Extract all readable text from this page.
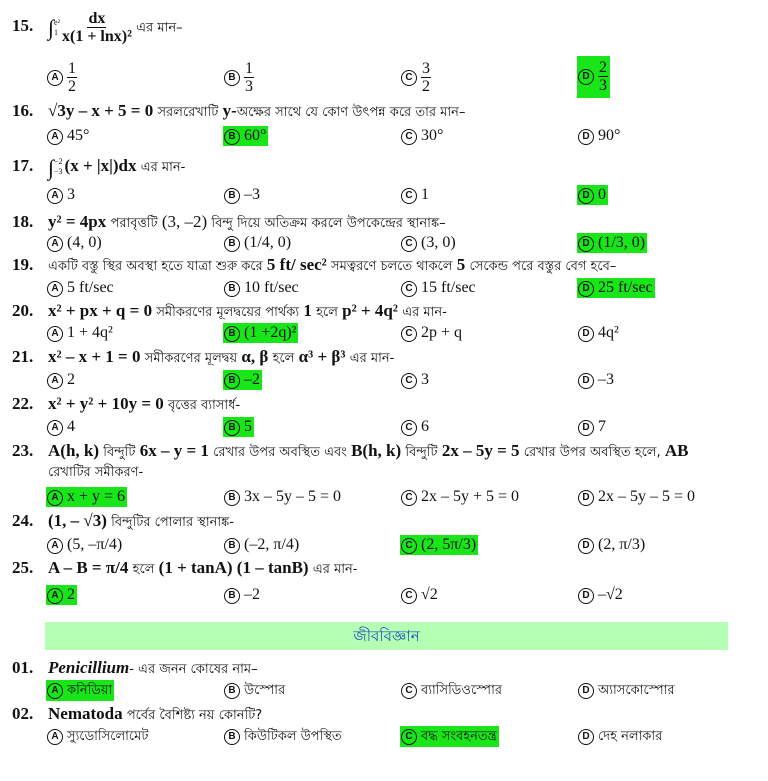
15. ∫ e²
$1 \frac{dx}{\text{x(1 + lnx)²}}$ এর মান–
A $\frac{1}{2}$	B $\frac{1}{3}$	C $\frac{3}{2}$	D $\frac{2}{3}$
16. √3y – x + 5 = 0 সরলরেখাটি y-অক্ষের সাথে যে কোণ উৎপন্ন করে তার মান–
A 45°	B 60°	C 30°	D 90°
17. ∫ −2
−3 (x + |x|)dx এর মান-
A 3	B –3	C 1	D 0
18. y² = 4px পরাবৃত্তটি (3, –2) বিন্দু দিয়ে অতিক্রম করলে উপকেন্দ্রের স্থানাঙ্ক–
A (4, 0)	B (1/4, 0)	C (3, 0)	D (1/3, 0)
19. একটি বস্তু স্থির অবস্থা হতে যাত্রা শুরু করে 5 ft/ sec² সমত্বরণে চলতে থাকলে 5 সেকেন্ড পরে বস্তুর বেগ হবে–
A 5 ft/sec	B 10 ft/sec	C 15 ft/sec	D 25 ft/sec
20. x² + px + q = 0 সমীকরণের মূলদ্বয়ের পার্থক্য 1 হলে p² + 4q² এর মান-
A 1 + 4q²	B (1 +2q)²	C 2p + q	D 4q²
21. x² – x + 1 = 0 সমীকরণের মূলদ্বয় α, β হলে α³ + β³ এর মান-
A 2	B –2	C 3	D –3
22. x² + y² + 10y = 0 বৃত্তের ব্যাসার্ধ-
A 4	B 5	C 6	D 7
23. A(h, k) বিন্দুটি 6x – y = 1 রেখার উপর অবস্থিত এবং B(h, k) বিন্দুটি 2x – 5y = 5 রেখার উপর অবস্থিত হলে, AB
রেখাটির সমীকরণ-
A x + y = 6	B 3x – 5y – 5 = 0	C 2x – 5y + 5 = 0	D 2x – 5y – 5 = 0
24. (1, – √3) বিন্দুটির পোলার স্থানাঙ্ক-
A (5, –π/4)	B (–2, π/4)	C (2, 5π/3)	D (2, π/3)
25. A – B = π/4 হলে (1 + tanA) (1 – tanB) এর মান-
A 2	B –2	C √2	D –√2
জীববিজ্ঞান
01. Penicillium- এর জনন কোষের নাম–
A কনিডিয়া	B উস্পোর	C ব্যাসিডিওস্পোর	D অ্যাসকোস্পোর
02. Nematoda পর্বের বৈশিষ্ট্য নয় কোনটি?
A স্যুডোসিলোমেট	B কিউটিকল উপস্থিত	C বদ্ধ সংবহনতন্ত্র	D দেহ নলাকার
